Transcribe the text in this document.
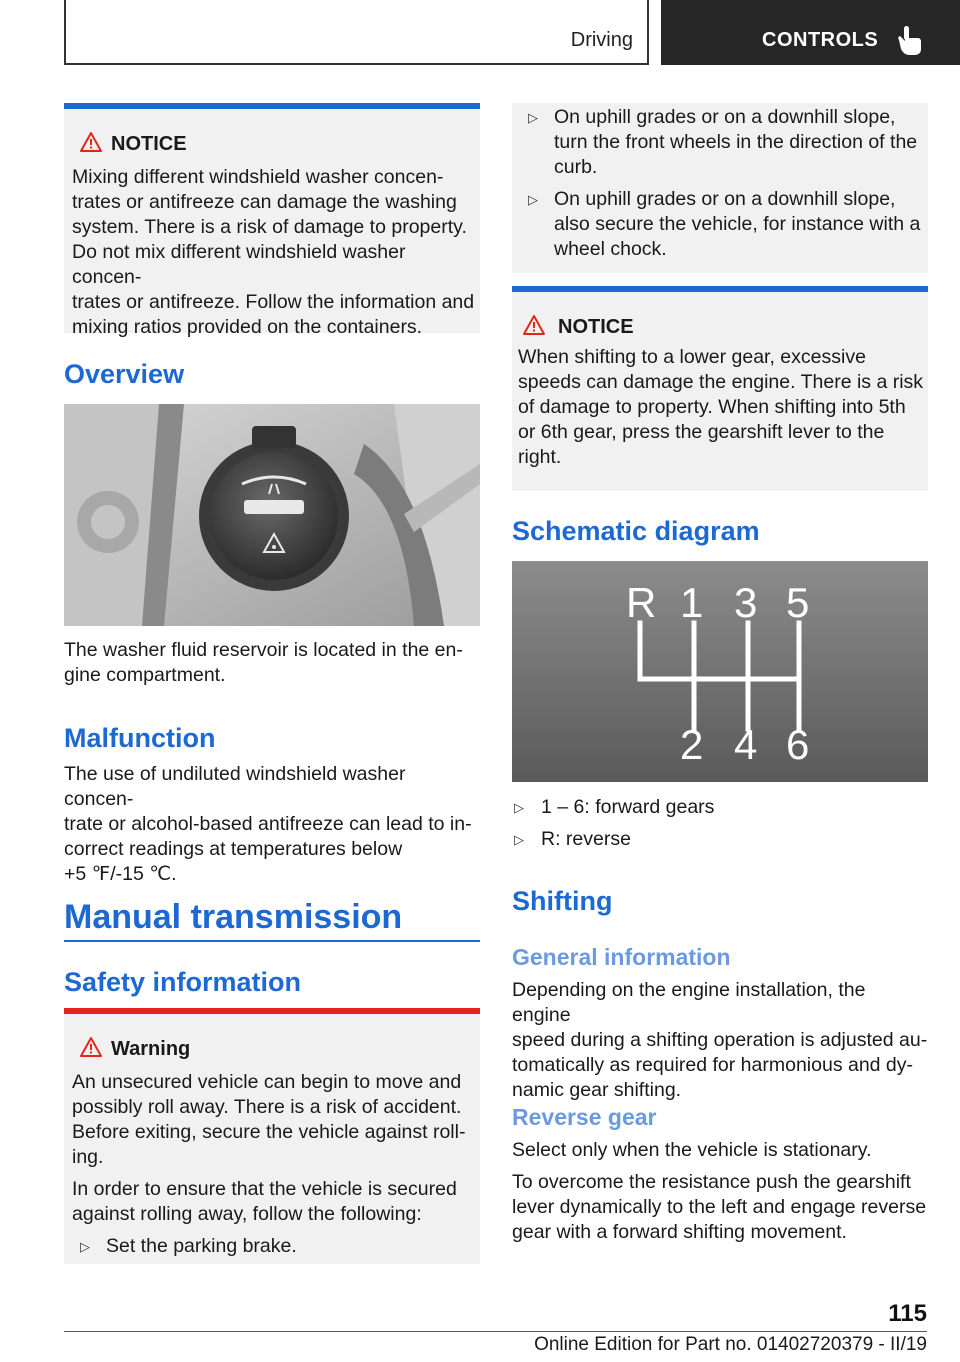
Driving	CONTROLS
NOTICE
Mixing different windshield washer concen-
trates or antifreeze can damage the washing
system. There is a risk of damage to property.
Do not mix different windshield washer concen-
trates or antifreeze. Follow the information and
mixing ratios provided on the containers.
Overview
The washer fluid reservoir is located in the en-
gine compartment.
Malfunction
The use of undiluted windshield washer concen-
trate or alcohol-based antifreeze can lead to in-
correct readings at temperatures below
+5 ℉/-15 ℃.
Manual transmission
Safety information
Warning
An unsecured vehicle can begin to move and
possibly roll away. There is a risk of accident.
Before exiting, secure the vehicle against roll-
ing.
In order to ensure that the vehicle is secured
against rolling away, follow the following:
▷ Set the parking brake.
▷ On uphill grades or on a downhill slope,
turn the front wheels in the direction of the
curb.
▷ On uphill grades or on a downhill slope,
also secure the vehicle, for instance with a
wheel chock.
NOTICE
When shifting to a lower gear, excessive
speeds can damage the engine. There is a risk
of damage to property. When shifting into 5th
or 6th gear, press the gearshift lever to the
right.
Schematic diagram
R 1 3 5
2 4 6
▷ 1 – 6: forward gears
▷ R: reverse
Shifting
General information
Depending on the engine installation, the engine
speed during a shifting operation is adjusted au-
tomatically as required for harmonious and dy-
namic gear shifting.
Reverse gear
Select only when the vehicle is stationary.
To overcome the resistance push the gearshift
lever dynamically to the left and engage reverse
gear with a forward shifting movement.
115
Online Edition for Part no. 01402720379 - II/19
